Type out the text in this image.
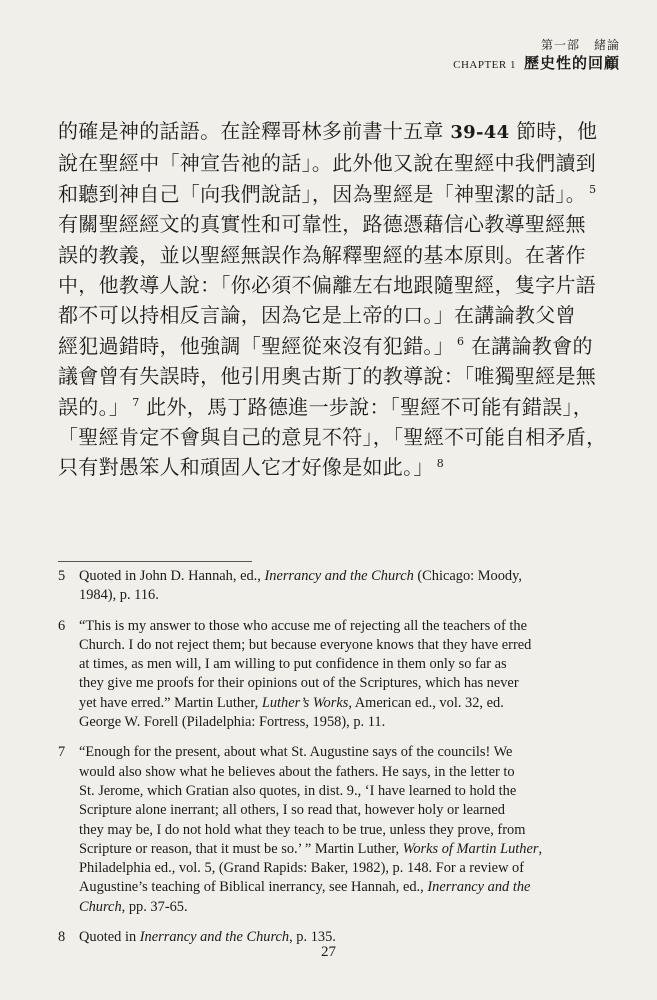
第一部 緒論
CHAPTER 1 歷史性的回顧

的確是神的話語。在詮釋哥林多前書十五章 39-44 節時，他

說在聖經中「神宣告祂的話」。此外他又說在聖經中我們讀到

和聽到神自己「向我們說話」，因為聖經是「神聖潔的話」。 $^5$

有關聖經經文的真實性和可靠性，路德憑藉信心教導聖經無

誤的教義，並以聖經無誤作為解釋聖經的基本原則。在著作

中，他教導人說：「你必須不偏離左右地跟隨聖經，隻字片語

都不可以持相反言論，因為它是上帝的口。」在講論教父曾

經犯過錯時，他強調「聖經從來沒有犯錯。」 $^6$ 在講論教會的

議會曾有失誤時，他引用奧古斯丁的教導說：「唯獨聖經是無

誤的。」 $^7$ 此外，馬丁路德進一步說：「聖經不可能有錯誤」，

「聖經肯定不會與自己的意見不符」，「聖經不可能自相矛盾，

只有對愚笨人和頑固人它才好像是如此。」 $^8$

5 Quoted in John D. Hannah, ed., Inerrancy and the Church (Chicago: Moody,
1984), p. 116.
6 “This is my answer to those who accuse me of rejecting all the teachers of the
Church. I do not reject them; but because everyone knows that they have erred
at times, as men will, I am willing to put confidence in them only so far as
they give me proofs for their opinions out of the Scriptures, which has never
yet have erred.” Martin Luther, Luther’s Works, American ed., vol. 32, ed.
George W. Forell (Piladelphia: Fortress, 1958), p. 11.
7 “Enough for the present, about what St. Augustine says of the councils! We
would also show what he believes about the fathers. He says, in the letter to
St. Jerome, which Gratian also quotes, in dist. 9., ‘I have learned to hold the
Scripture alone inerrant; all others, I so read that, however holy or learned
they may be, I do not hold what they teach to be true, unless they prove, from
Scripture or reason, that it must be so.’ ” Martin Luther, Works of Martin Luther,
Philadelphia ed., vol. 5, (Grand Rapids: Baker, 1982), p. 148. For a review of
Augustine’s teaching of Biblical inerrancy, see Hannah, ed., Inerrancy and the
Church, pp. 37-65.
8 Quoted in Inerrancy and the Church, p. 135.
27
